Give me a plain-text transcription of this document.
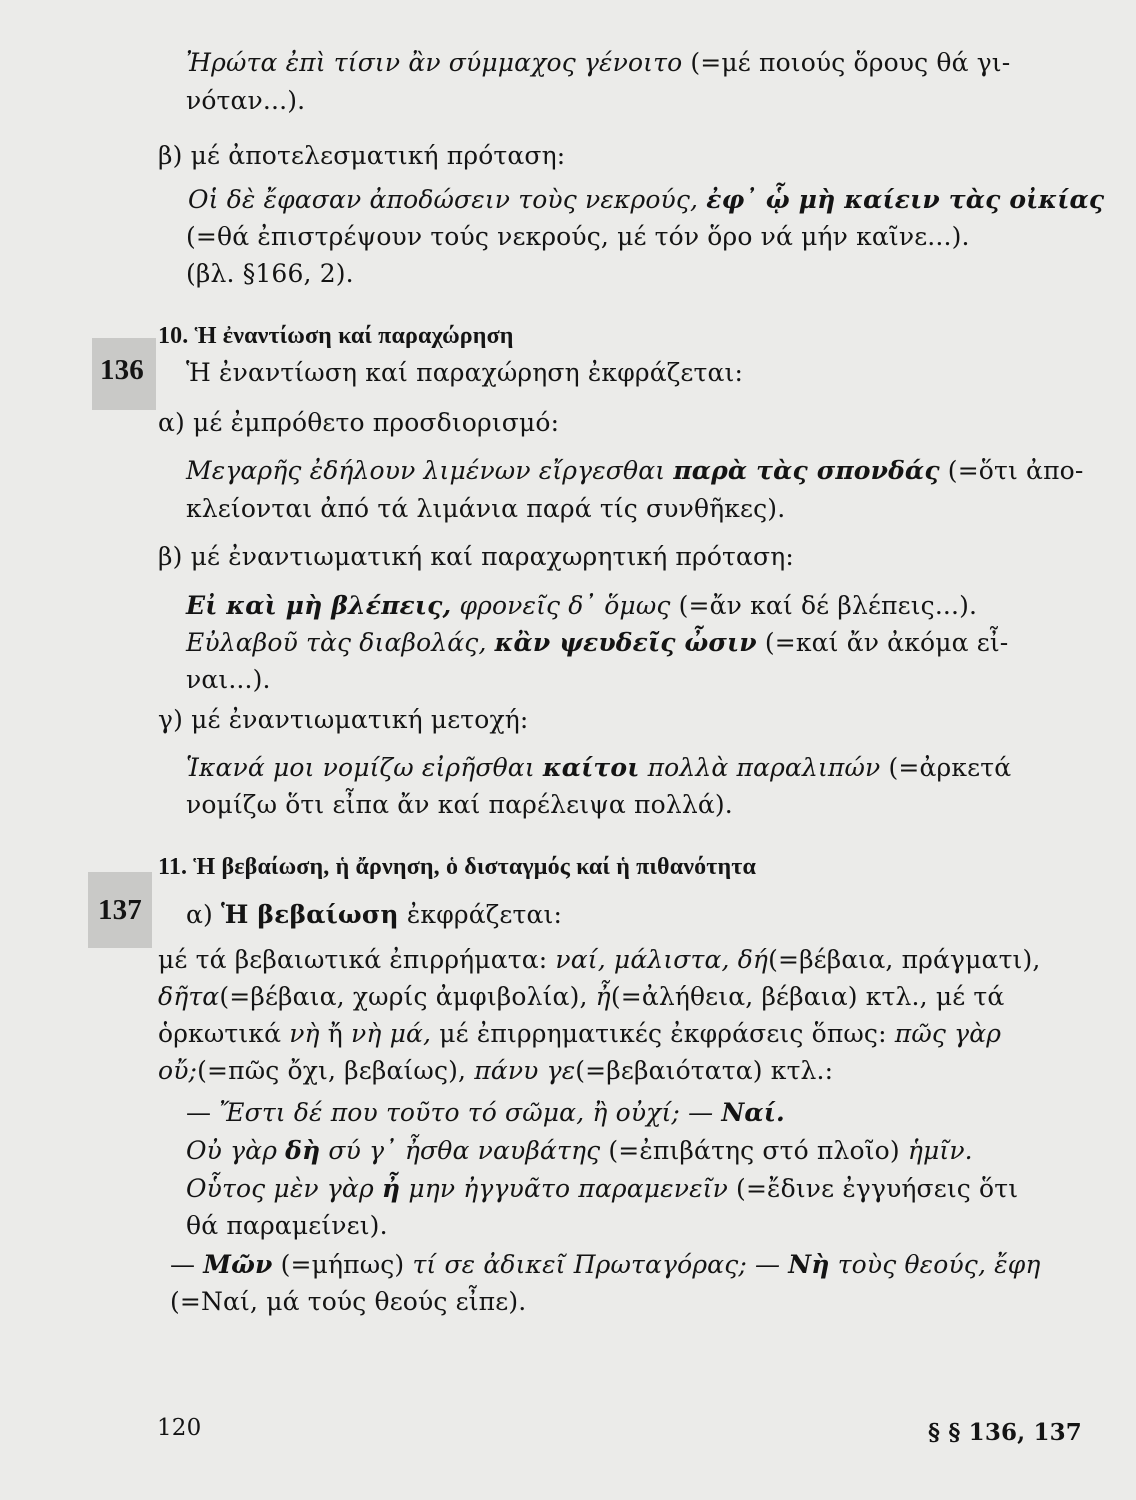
136
137
Ἠρώτα ἐπὶ τίσιν ἂν σύμμαχος γένοιτο (=μέ ποιούς ὅρους θά γι-
νόταν...).
β) μέ ἀποτελεσματική πρόταση:
Οἱ δὲ ἔφασαν ἀποδώσειν τοὺς νεκρούς, ἐφ᾽ ᾧ μὴ καίειν τὰς οἰκίας
(=θά ἐπιστρέψουν τούς νεκρούς, μέ τόν ὅρο νά μήν καῖνε...).
(βλ. §166, 2).
10. Ἡ ἐναντίωση καί παραχώρηση
Ἡ ἐναντίωση καί παραχώρηση ἐκφράζεται:
α) μέ ἐμπρόθετο προσδιορισμό:
Μεγαρῆς ἐδήλουν λιμένων εἴργεσθαι παρὰ τὰς σπονδάς (=ὅτι ἀπο-
κλείονται ἀπό τά λιμάνια παρά τίς συνθῆκες).
β) μέ ἐναντιωματική καί παραχωρητική πρόταση:
Εἰ καὶ μὴ βλέπεις, φρονεῖς δ᾽ ὅμως (=ἄν καί δέ βλέπεις...).
Εὐλαβοῦ τὰς διαβολάς, κἂν ψευδεῖς ὦσιν (=καί ἄν ἀκόμα εἶ-
ναι...).
γ) μέ ἐναντιωματική μετοχή:
Ἱκανά μοι νομίζω εἰρῆσθαι καίτοι πολλὰ παραλιπών (=ἀρκετά
νομίζω ὅτι εἶπα ἄν καί παρέλειψα πολλά).
11. Ἡ βεβαίωση, ἡ ἄρνηση, ὁ δισταγμός καί ἡ πιθανότητα
α) Ἡ βεβαίωση ἐκφράζεται:
μέ τά βεβαιωτικά ἐπιρρήματα: ναί, μάλιστα, δή(=βέβαια, πράγματι),
δῆτα(=βέβαια, χωρίς ἀμφιβολία), ἦ(=ἀλήθεια, βέβαια) κτλ., μέ τά
ὁρκωτικά νὴ ἤ νὴ μά, μέ ἐπιρρηματικές ἐκφράσεις ὅπως: πῶς γὰρ
οὔ;(=πῶς ὄχι, βεβαίως), πάνυ γε(=βεβαιότατα) κτλ.:
— Ἔστι δέ που τοῦτο τό σῶμα, ἢ οὐχί; — Ναί.
Οὐ γὰρ δὴ σύ γ᾽ ἦσθα ναυβάτης (=ἐπιβάτης στό πλοῖο) ἡμῖν.
Οὗτος μὲν γὰρ ἦ μην ἠγγυᾶτο παραμενεῖν (=ἔδινε ἐγγυήσεις ὅτι
θά παραμείνει).
— Μῶν (=μήπως) τί σε ἀδικεῖ Πρωταγόρας; — Νὴ τοὺς θεούς, ἔφη
(=Ναί, μά τούς θεούς εἶπε).
120	§ § 136, 137
